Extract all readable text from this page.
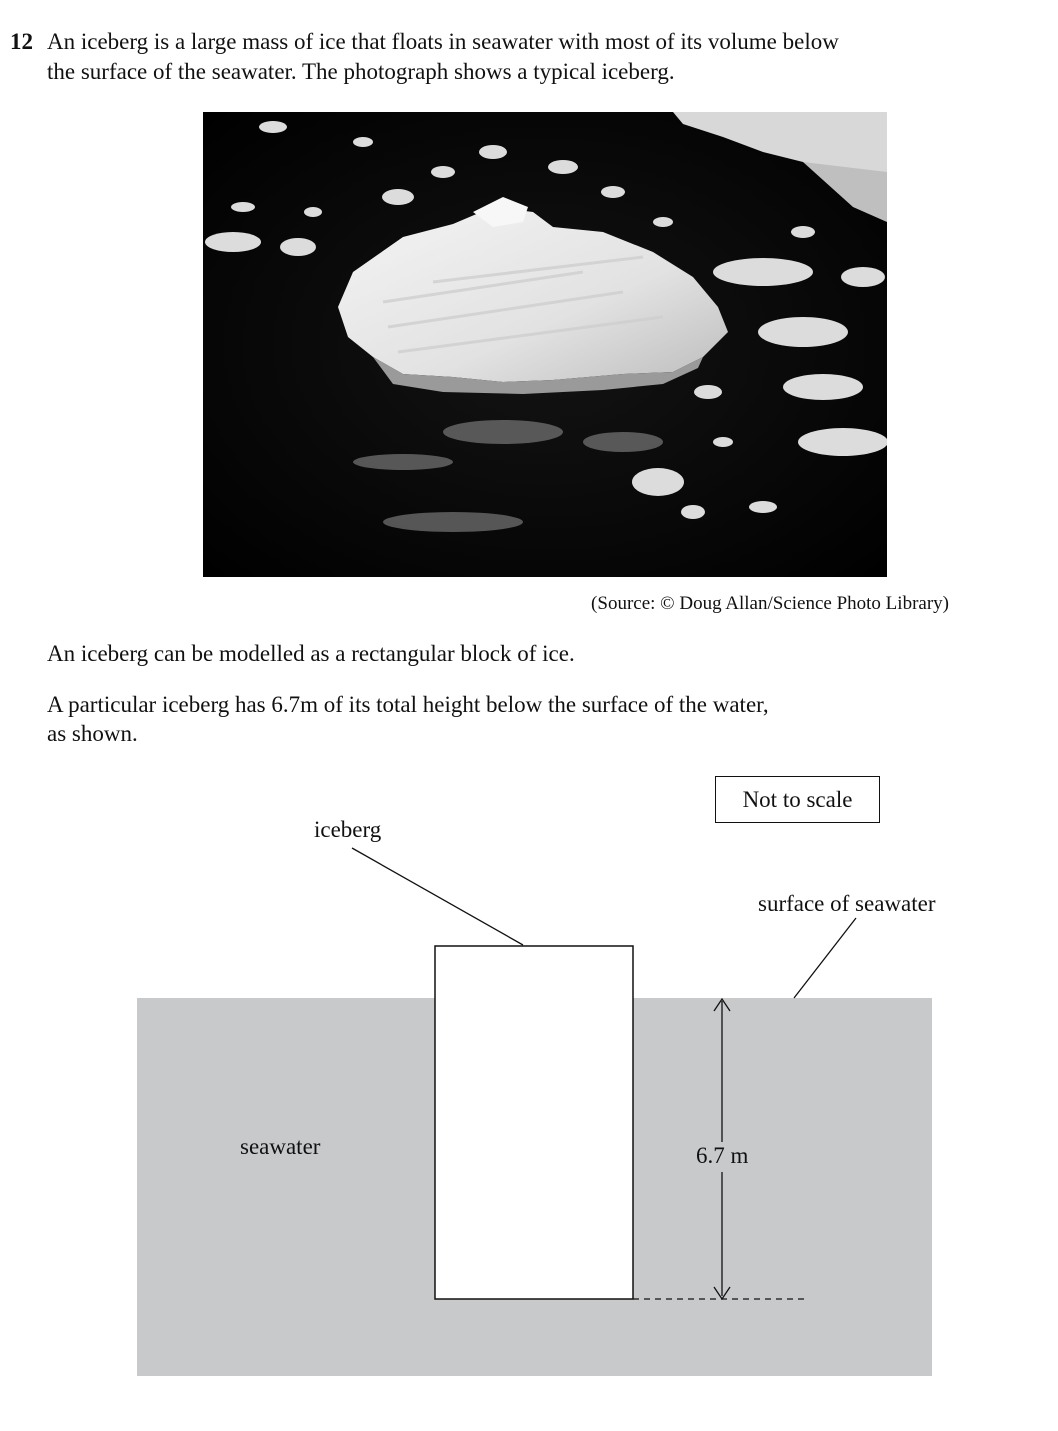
12 An iceberg is a large mass of ice that floats in seawater with most of its volume below
the surface of the seawater. The photograph shows a typical iceberg.
(Source: © Doug Allan/Science Photo Library)
An iceberg can be modelled as a rectangular block of ice.
A particular iceberg has 6.7m of its total height below the surface of the water,
as shown.
Not to scale
iceberg
surface of seawater
seawater	6.7 m
